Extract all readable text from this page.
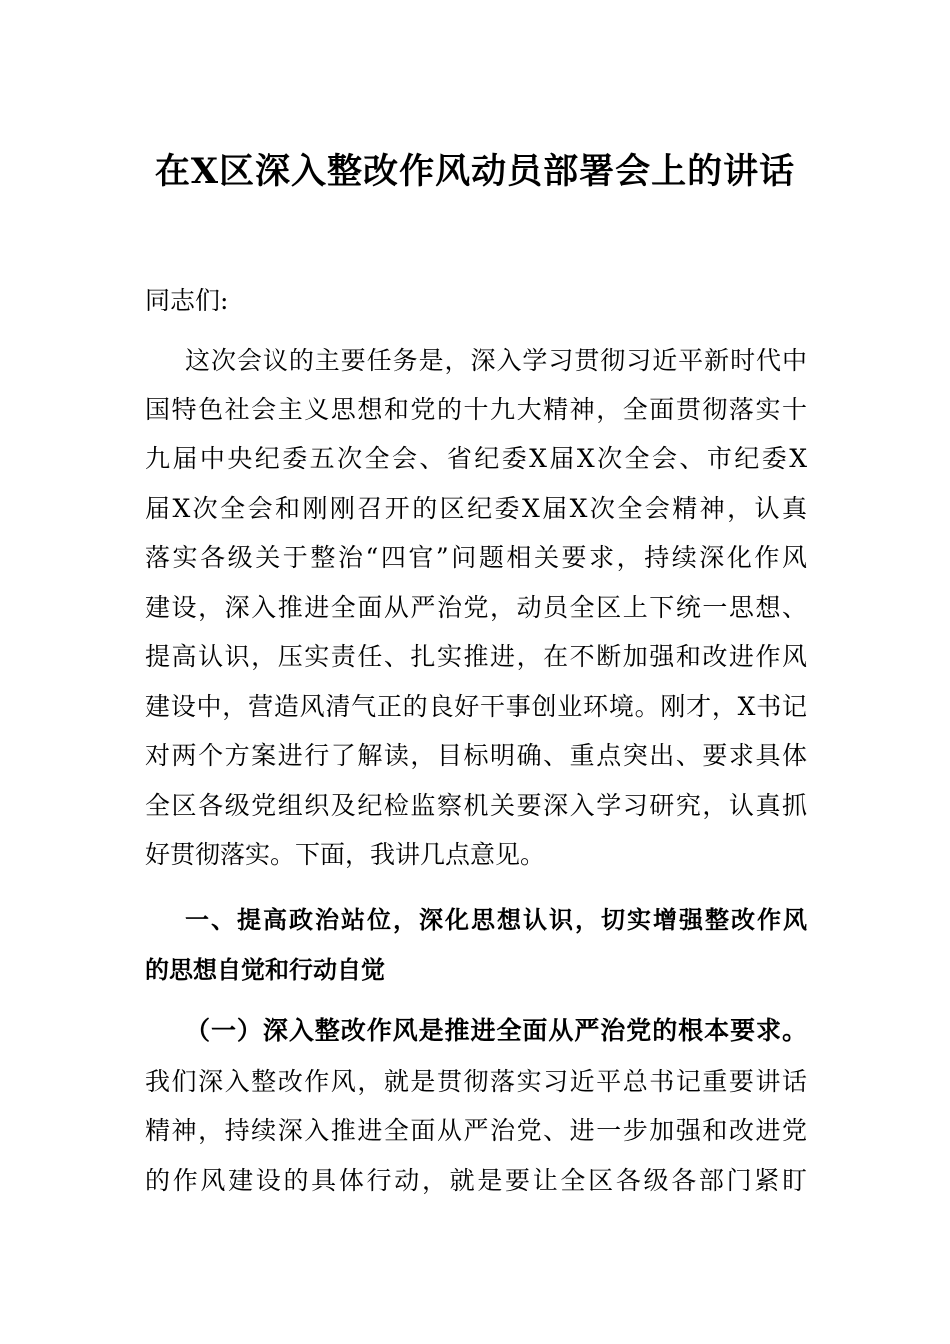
在X区深入整改作风动员部署会上的讲话
同志们:
这次会议的主要任务是，深入学习贯彻习近平新时代中
国特色社会主义思想和党的十九大精神，全面贯彻落实十
九届中央纪委五次全会、省纪委X届X次全会、市纪委X
届X次全会和刚刚召开的区纪委X届X次全会精神，认真
落实各级关于整治“四官”问题相关要求，持续深化作风
建设，深入推进全面从严治党，动员全区上下统一思想、
提高认识，压实责任、扎实推进，在不断加强和改进作风
建设中，营造风清气正的良好干事创业环境。刚才，X书记
对两个方案进行了解读，目标明确、重点突出、要求具体
全区各级党组织及纪检监察机关要深入学习研究，认真抓
好贯彻落实。下面，我讲几点意见。
一、提高政治站位，深化思想认识，切实增强整改作风
的思想自觉和行动自觉
（一）深入整改作风是推进全面从严治党的根本要求。
我们深入整改作风，就是贯彻落实习近平总书记重要讲话
精神，持续深入推进全面从严治党、进一步加强和改进党
的作风建设的具体行动，就是要让全区各级各部门紧盯
